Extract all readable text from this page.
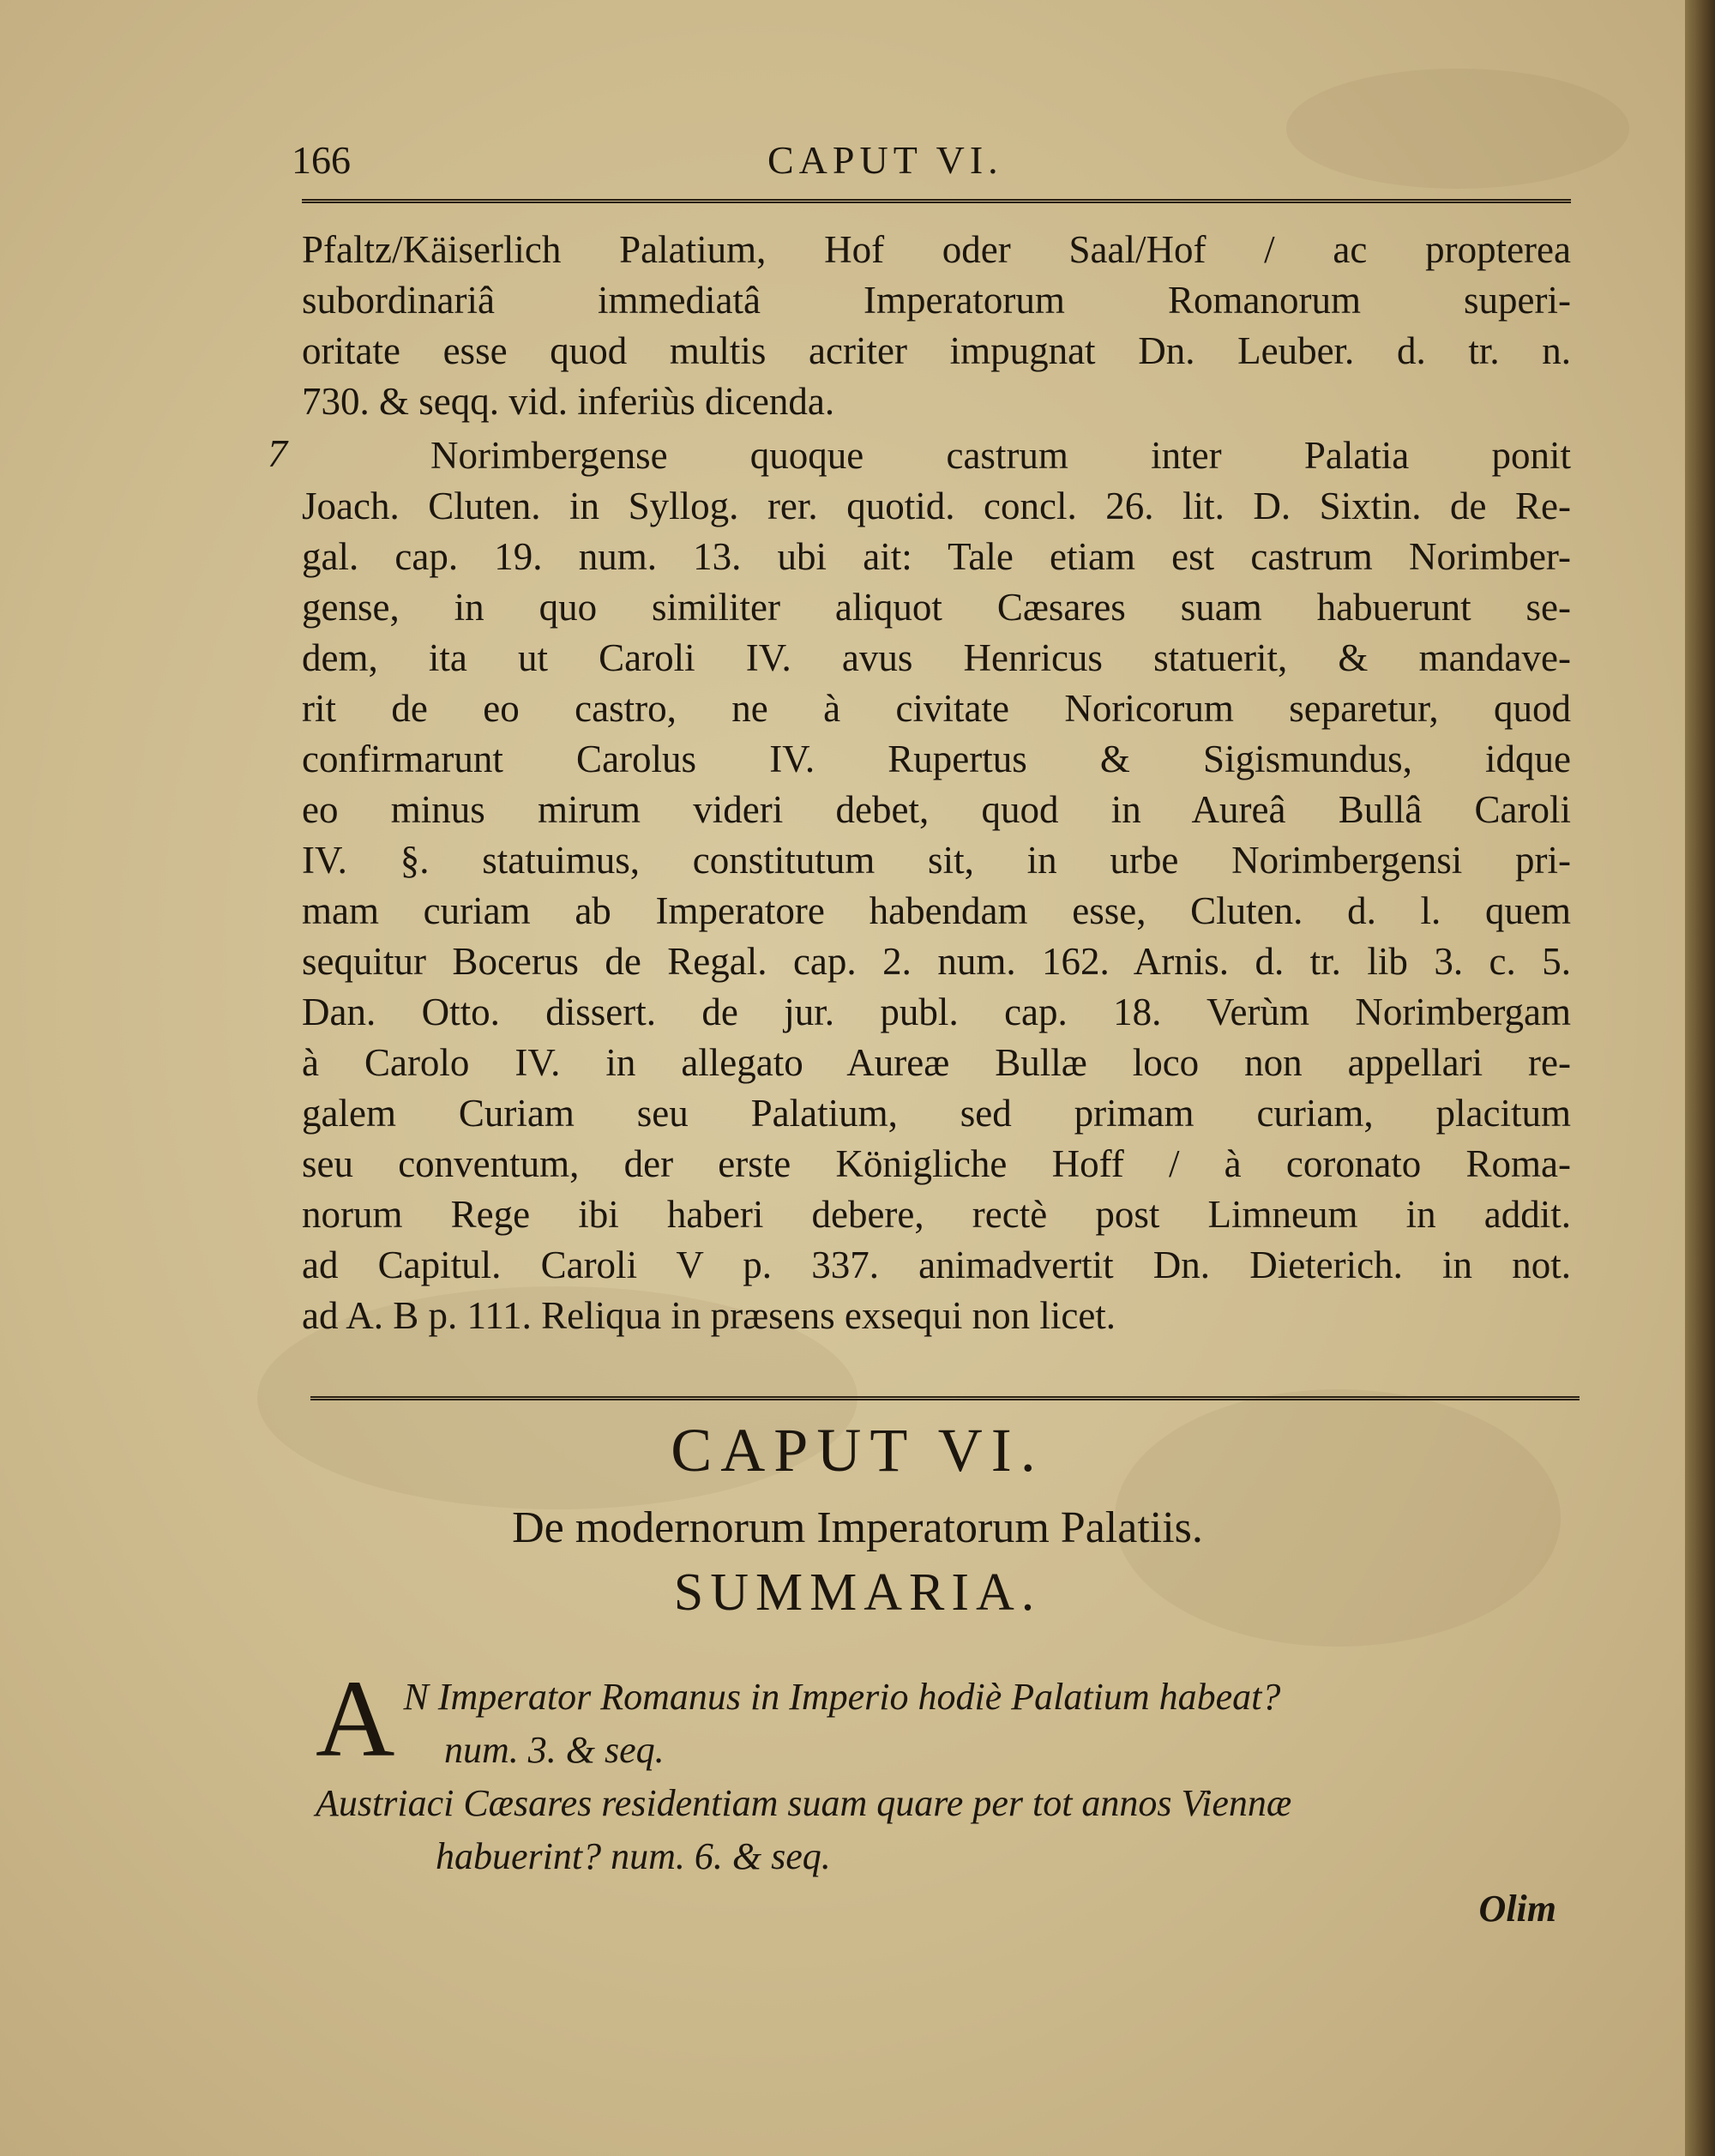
166	CAPUT VI.
Pfaltz/Käiserlich Palatium, Hof oder Saal/Hof / ac propterea
subordinariâ immediatâ Imperatorum Romanorum superi-
oritate esse quod multis acriter impugnat Dn. Leuber. d. tr. n.
730. & seqq. vid. inferiùs dicenda.
7	Norimbergense quoque castrum inter Palatia ponit
Joach. Cluten. in Syllog. rer. quotid. concl. 26. lit. D. Sixtin. de Re-
gal. cap. 19. num. 13. ubi ait: Tale etiam est castrum Norimber-
gense, in quo similiter aliquot Cæsares suam habuerunt se-
dem, ita ut Caroli IV. avus Henricus statuerit, & mandave-
rit de eo castro, ne à civitate Noricorum separetur, quod
confirmarunt Carolus IV. Rupertus & Sigismundus, idque
eo minus mirum videri debet, quod in Aureâ Bullâ Caroli
IV. §. statuimus, constitutum sit, in urbe Norimbergensi pri-
mam curiam ab Imperatore habendam esse, Cluten. d. l. quem
sequitur Bocerus de Regal. cap. 2. num. 162. Arnis. d. tr. lib 3. c. 5.
Dan. Otto. dissert. de jur. publ. cap. 18. Verùm Norimbergam
à Carolo IV. in allegato Aureæ Bullæ loco non appellari re-
galem Curiam seu Palatium, sed primam curiam, placitum
seu conventum, der erste Königliche Hoff / à coronato Roma-
norum Rege ibi haberi debere, rectè post Limneum in addit.
ad Capitul. Caroli V p. 337. animadvertit Dn. Dieterich. in not.
ad A. B p. 111. Reliqua in præsens exsequi non licet.
CAPUT VI.
De modernorum Imperatorum Palatiis.
SUMMARIA.
A N Imperator Romanus in Imperio hodiè Palatium habeat?
num. 3. & seq.
Austriaci Cæsares residentiam suam quare per tot annos Viennæ
habuerint? num. 6. & seq.
Olim
